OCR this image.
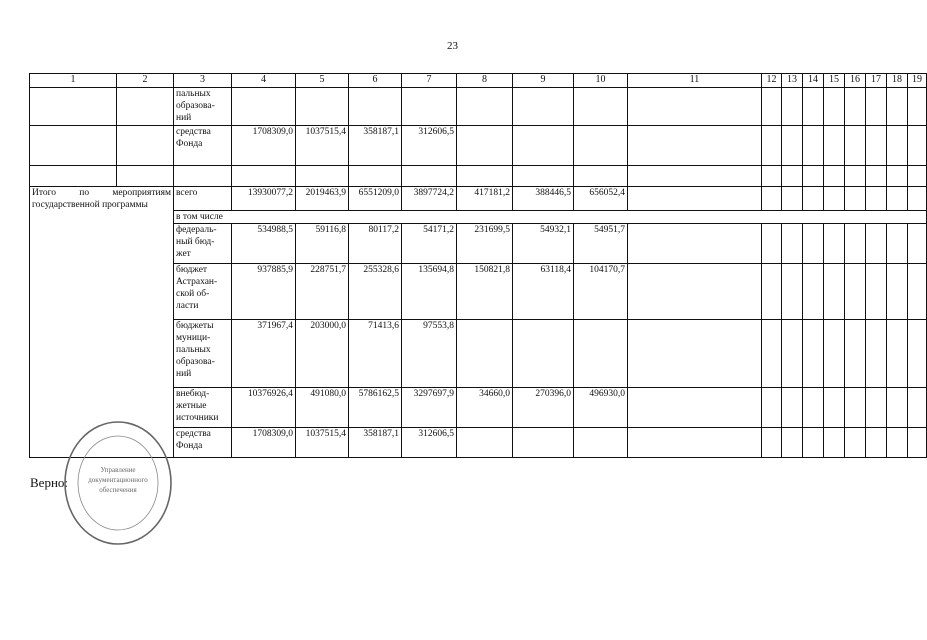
23
1	2	3	4	5	6	7	8	9	10	11	12	13	14	15	16	17	18	19
		пальных образова- ний																
		средства Фонда	1708309,0	1037515,4	358187,1	312606,5												

Итого по мероприятиям государственной программы		всего	13930077,2	2019463,9	6551209,0	3897724,2	417181,2	388446,5	656052,4									
		в том числе																
		федераль- ный бюд- жет	534988,5	59116,8	80117,2	54171,2	231699,5	54932,1	54951,7									
		бюджет Астрахан- ской об- ласти	937885,9	228751,7	255328,6	135694,8	150821,8	63118,4	104170,7									
		бюджеты муници- пальных образова- ний	371967,4	203000,0	71413,6	97553,8												
		внебюд- жетные источники	10376926,4	491080,0	5786162,5	3297697,9	34660,0	270396,0	496930,0									
		средства Фонда	1708309,0	1037515,4	358187,1	312606,5												
Верно:
Управление
документационного
обеспечения
